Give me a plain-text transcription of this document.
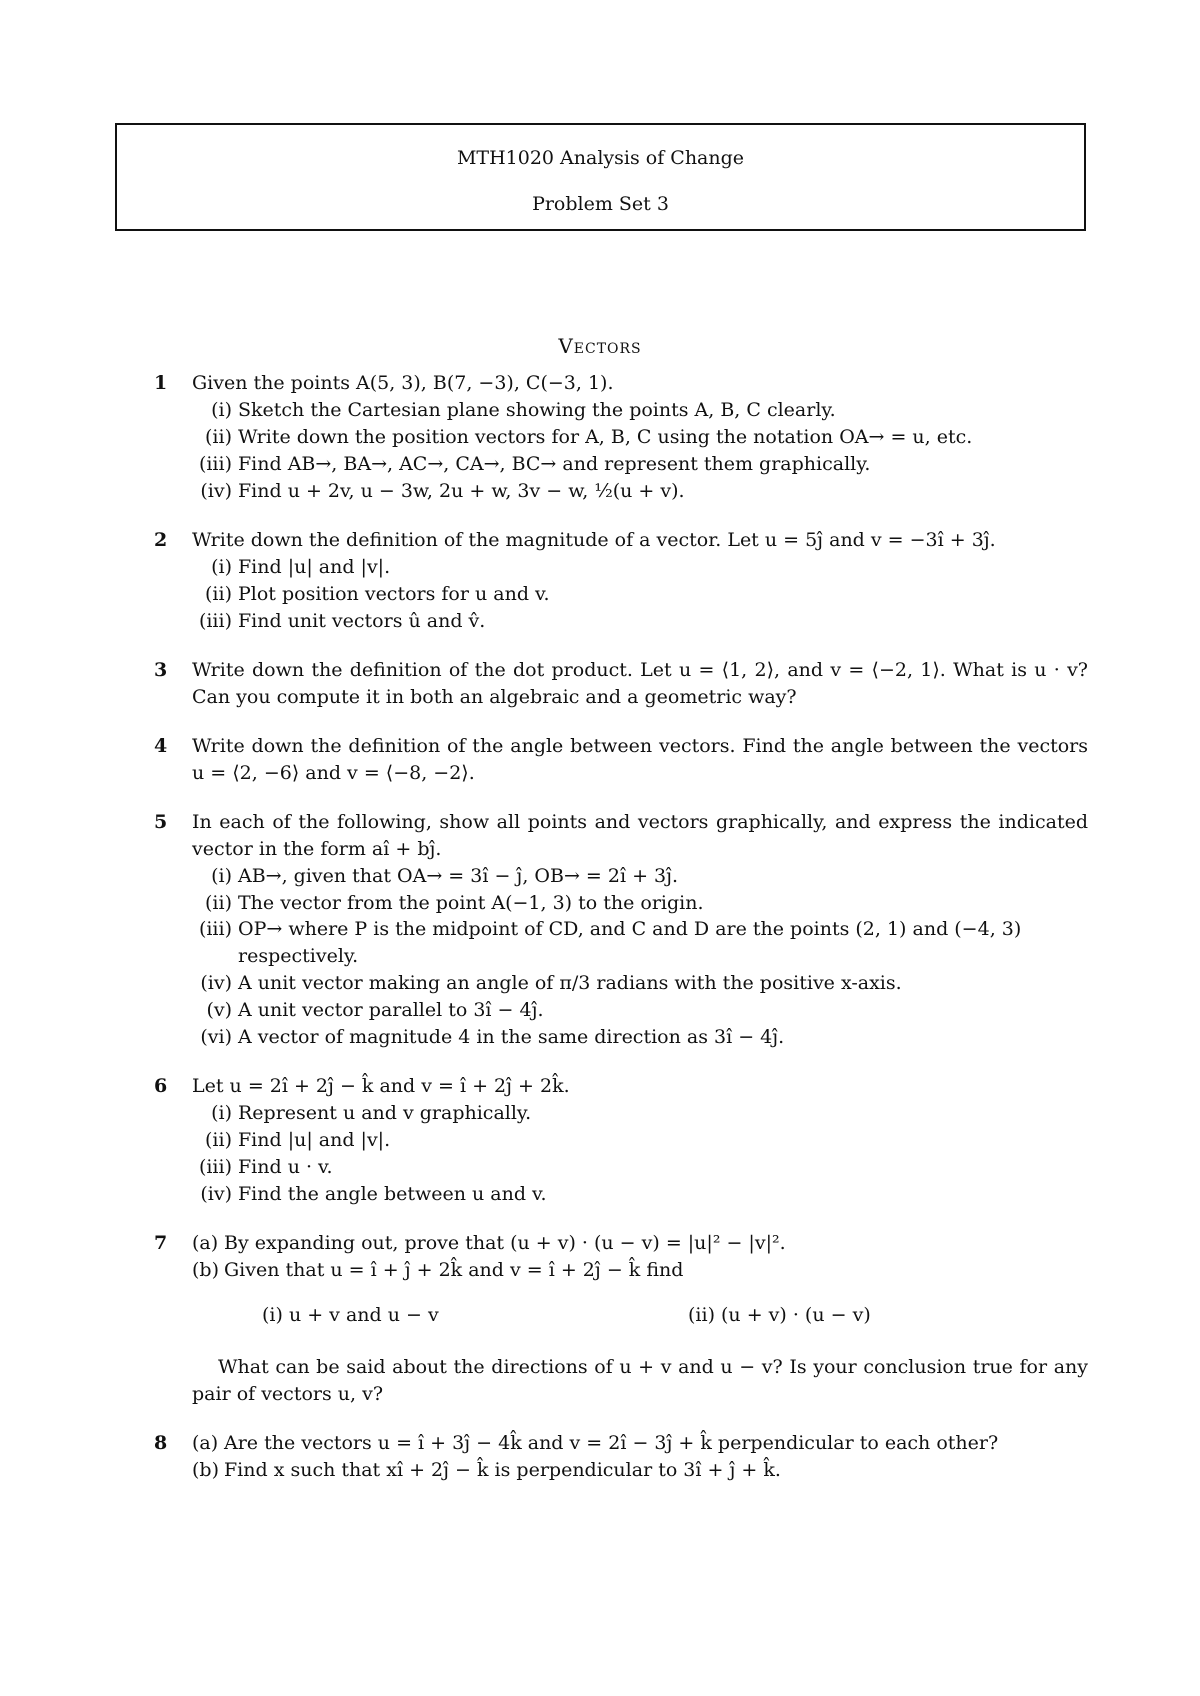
MTH1020 Analysis of Change
Problem Set 3
Vectors
1	Given the points A(5, 3), B(7, −3), C(−3, 1).
(i) Sketch the Cartesian plane showing the points A, B, C clearly.
(ii) Write down the position vectors for A, B, C using the notation OA→ = u, etc.
(iii) Find AB→, BA→, AC→, CA→, BC→ and represent them graphically.
(iv) Find u + 2v, u − 3w, 2u + w, 3v − w, ½(u + v).
2	Write down the definition of the magnitude of a vector. Let u = 5ĵ and v = −3î + 3ĵ.
(i) Find |u| and |v|.
(ii) Plot position vectors for u and v.
(iii) Find unit vectors û and v̂.
3	Write down the definition of the dot product. Let u = ⟨1, 2⟩, and v = ⟨−2, 1⟩. What is u · v? Can you compute it in both an algebraic and a geometric way?
4	Write down the definition of the angle between vectors. Find the angle between the vectors u = ⟨2, −6⟩ and v = ⟨−8, −2⟩.
5	In each of the following, show all points and vectors graphically, and express the indicated vector in the form aî + bĵ.
(i) AB→, given that OA→ = 3î − ĵ, OB→ = 2î + 3ĵ.
(ii) The vector from the point A(−1, 3) to the origin.
(iii) OP→ where P is the midpoint of CD, and C and D are the points (2, 1) and (−4, 3) respectively.
(iv) A unit vector making an angle of π/3 radians with the positive x-axis.
(v) A unit vector parallel to 3î − 4ĵ.
(vi) A vector of magnitude 4 in the same direction as 3î − 4ĵ.
6	Let u = 2î + 2ĵ − k̂ and v = î + 2ĵ + 2k̂.
(i) Represent u and v graphically.
(ii) Find |u| and |v|.
(iii) Find u · v.
(iv) Find the angle between u and v.
7 (a) By expanding out, prove that (u + v) · (u − v) = |u|² − |v|².
(b) Given that u = î + ĵ + 2k̂ and v = î + 2ĵ − k̂ find
(i) u + v and u − v	(ii) (u + v) · (u − v)
What can be said about the directions of u + v and u − v? Is your conclusion true for any pair of vectors u, v?
8 (a) Are the vectors u = î + 3ĵ − 4k̂ and v = 2î − 3ĵ + k̂ perpendicular to each other?
(b) Find x such that xî + 2ĵ − k̂ is perpendicular to 3î + ĵ + k̂.
